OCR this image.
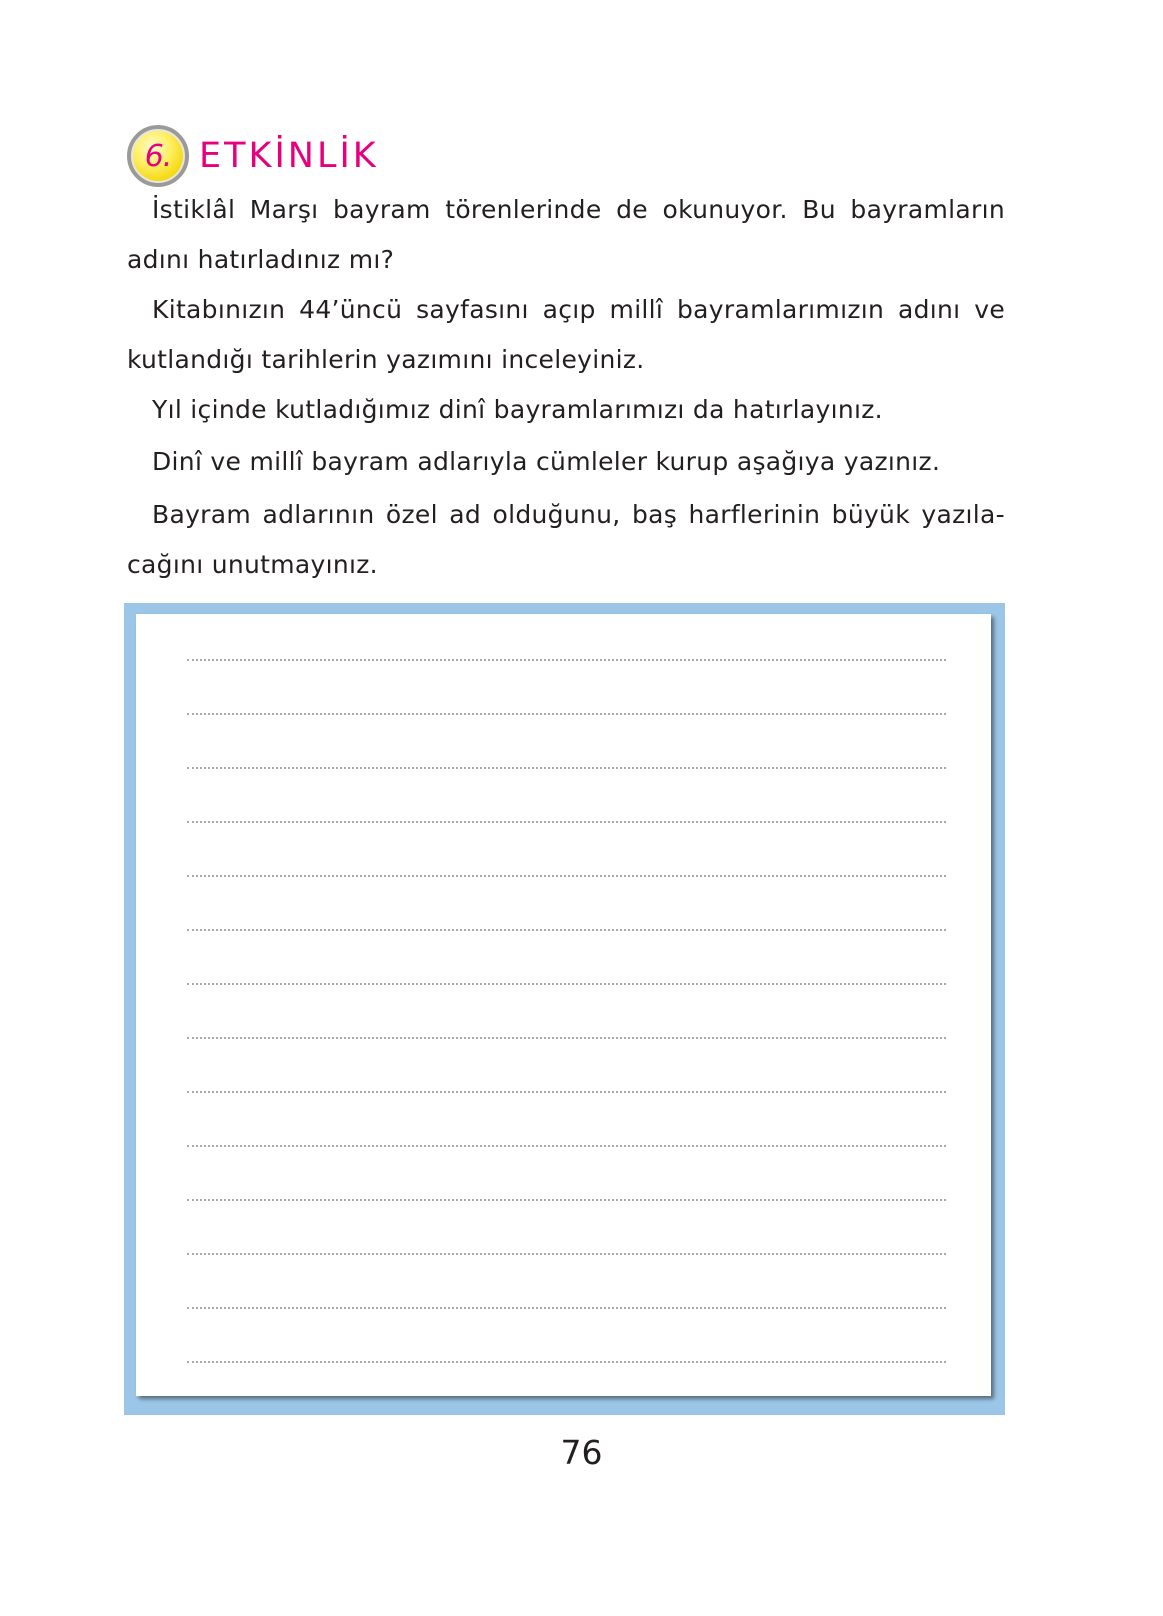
6. ETKİNLİK

İstiklâl Marşı bayram törenlerinde de okunuyor. Bu bayramların adını hatırladınız mı?

Kitabınızın 44’üncü sayfasını açıp millî bayramlarımızın adını ve kutlandığı tarihlerin yazımını inceleyiniz.

Yıl içinde kutladığımız dinî bayramlarımızı da hatırlayınız.

Dinî ve millî bayram adlarıyla cümleler kurup aşağıya yazınız.

Bayram adlarının özel ad olduğunu, baş harflerinin büyük yazıla-cağını unutmayınız.

76
